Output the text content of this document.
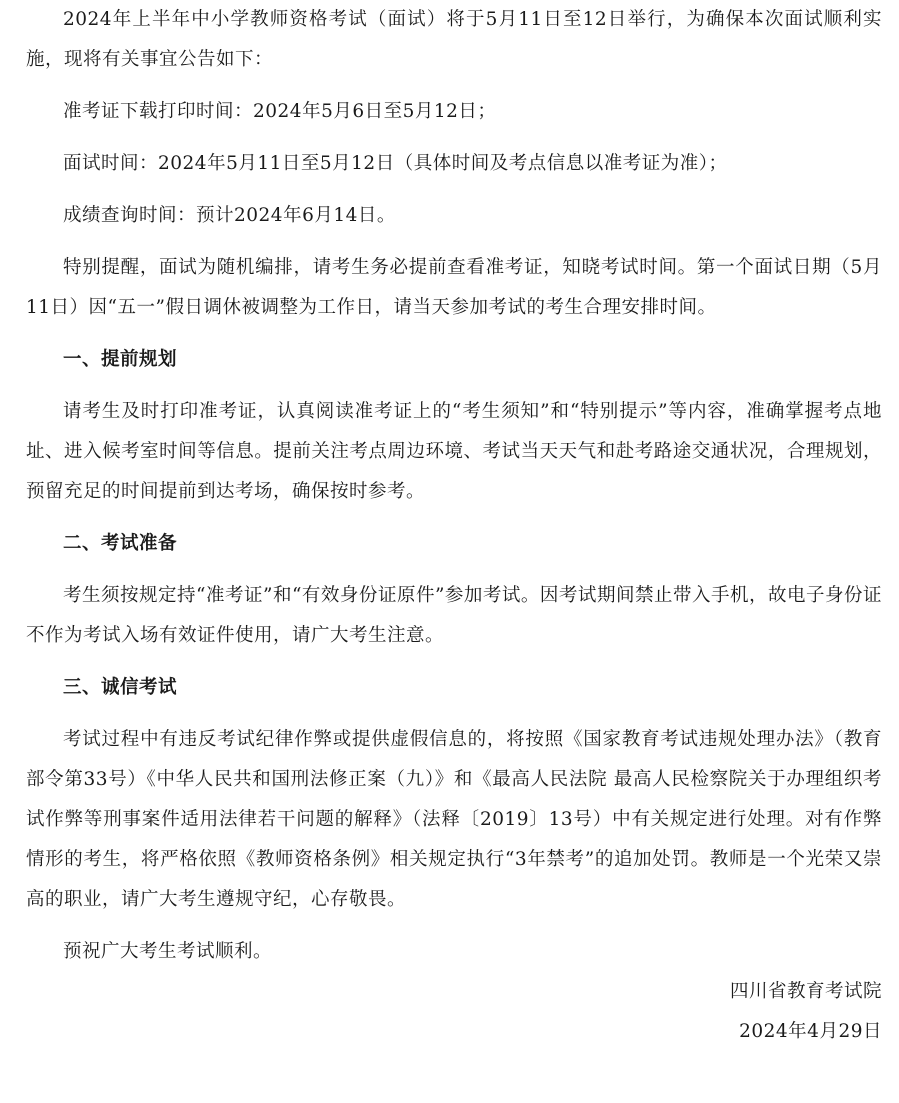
2024年上半年中小学教师资格考试（面试）将于5月11日至12日举行，为确保本次面试顺利实施，现将有关事宜公告如下：

准考证下载打印时间：2024年5月6日至5月12日；

面试时间：2024年5月11日至5月12日（具体时间及考点信息以准考证为准）；

成绩查询时间：预计2024年6月14日。

特别提醒，面试为随机编排，请考生务必提前查看准考证，知晓考试时间。第一个面试日期（5月11日）因“五一”假日调休被调整为工作日，请当天参加考试的考生合理安排时间。

一、提前规划

请考生及时打印准考证，认真阅读准考证上的“考生须知”和“特别提示”等内容，准确掌握考点地址、进入候考室时间等信息。提前关注考点周边环境、考试当天天气和赴考路途交通状况，合理规划，预留充足的时间提前到达考场，确保按时参考。

二、考试准备

考生须按规定持“准考证”和“有效身份证原件”参加考试。因考试期间禁止带入手机，故电子身份证不作为考试入场有效证件使用，请广大考生注意。

三、诚信考试

考试过程中有违反考试纪律作弊或提供虚假信息的，将按照《国家教育考试违规处理办法》（教育部令第33号）《中华人民共和国刑法修正案（九）》和《最高人民法院 最高人民检察院关于办理组织考试作弊等刑事案件适用法律若干问题的解释》（法释〔2019〕13号）中有关规定进行处理。对有作弊情形的考生，将严格依照《教师资格条例》相关规定执行“3年禁考”的追加处罚。教师是一个光荣又崇高的职业，请广大考生遵规守纪，心存敬畏。

预祝广大考生考试顺利。

四川省教育考试院

2024年4月29日
